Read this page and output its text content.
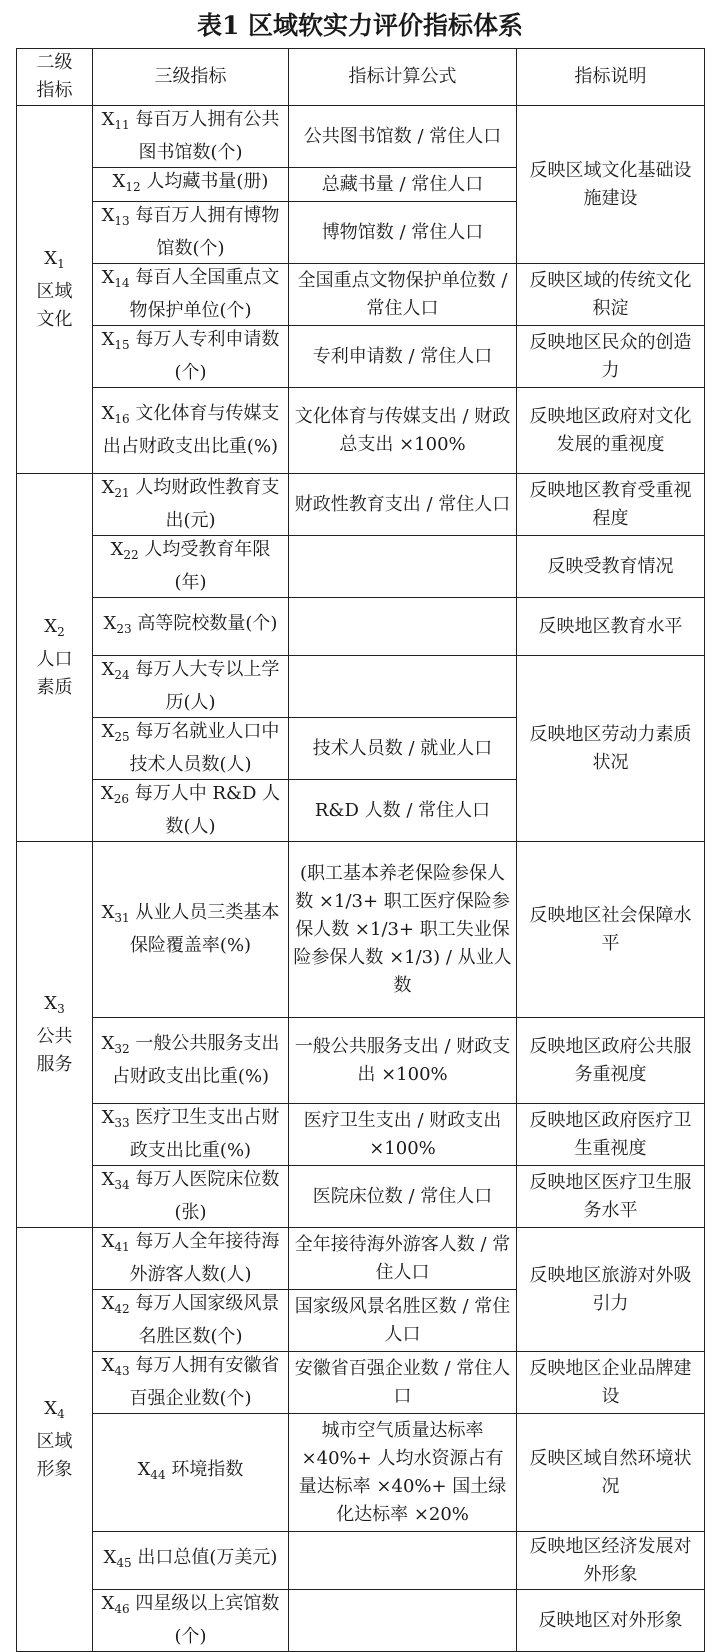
表1 区域软实力评价指标体系
二级
指标	三级指标	指标计算公式	指标说明
$X_1$
区域文化	$X_{11}$ 每百万人拥有公共图书馆数(个)	公共图书馆数 / 常住人口	反映区域文化基础设施建设
	$X_{12}$ 人均藏书量(册)	总藏书量 / 常住人口	
	$X_{13}$ 每百万人拥有博物馆数(个)	博物馆数 / 常住人口	
	$X_{14}$ 每百人全国重点文物保护单位(个)	全国重点文物保护单位数 / 常住人口	反映区域的传统文化积淀
	$X_{15}$ 每万人专利申请数(个)	专利申请数 / 常住人口	反映地区民众的创造力
	$X_{16}$ 文化体育与传媒支出占财政支出比重(%)	文化体育与传媒支出 / 财政总支出 ×100%	反映地区政府对文化发展的重视度
$X_2$
人口素质	$X_{21}$ 人均财政性教育支出(元)	财政性教育支出 / 常住人口	反映地区教育受重视程度
	$X_{22}$ 人均受教育年限(年)		反映受教育情况
	$X_{23}$ 高等院校数量(个)		反映地区教育水平
	$X_{24}$ 每万人大专以上学历(人)		反映地区劳动力素质状况
	$X_{25}$ 每万名就业人口中技术人员数(人)	技术人员数 / 就业人口	
	$X_{26}$ 每万人中 R&D 人数(人)	R&D 人数 / 常住人口	
$X_3$
公共服务	$X_{31}$ 从业人员三类基本保险覆盖率(%)	(职工基本养老保险参保人数 ×1/3+ 职工医疗保险参保人数 ×1/3+ 职工失业保险参保人数 ×1/3) / 从业人数	反映地区社会保障水平
	$X_{32}$ 一般公共服务支出占财政支出比重(%)	一般公共服务支出 / 财政支出 ×100%	反映地区政府公共服务重视度
	$X_{33}$ 医疗卫生支出占财政支出比重(%)	医疗卫生支出 / 财政支出 ×100%	反映地区政府医疗卫生重视度
	$X_{34}$ 每万人医院床位数(张)	医院床位数 / 常住人口	反映地区医疗卫生服务水平
$X_4$
区域形象	$X_{41}$ 每万人全年接待海外游客人数(人)	全年接待海外游客人数 / 常住人口	反映地区旅游对外吸引力
	$X_{42}$ 每万人国家级风景名胜区数(个)	国家级风景名胜区数 / 常住人口	
	$X_{43}$ 每万人拥有安徽省百强企业数(个)	安徽省百强企业数 / 常住人口	反映地区企业品牌建设
	$X_{44}$ 环境指数	城市空气质量达标率 ×40%+ 人均水资源占有量达标率 ×40%+ 国土绿化达标率 ×20%	反映区域自然环境状况
	$X_{45}$ 出口总值(万美元)		反映地区经济发展对外形象
	$X_{46}$ 四星级以上宾馆数(个)		反映地区对外形象
